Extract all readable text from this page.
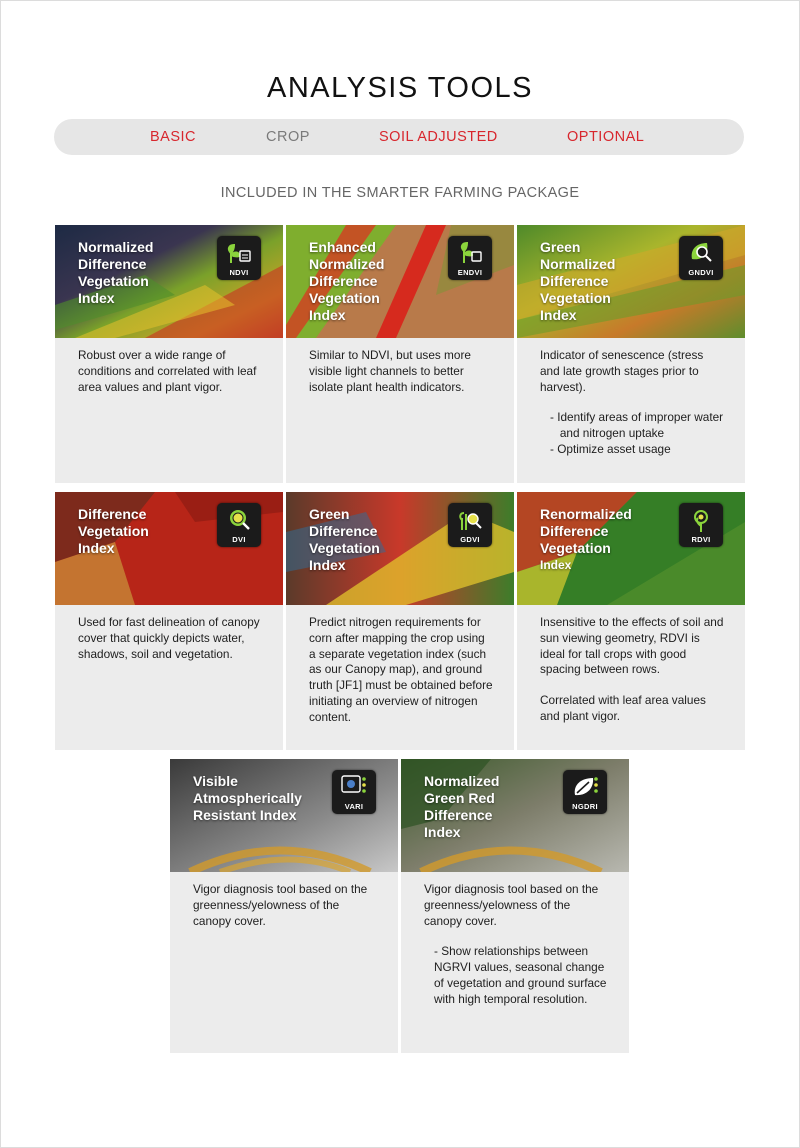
ANALYSIS TOOLS
BASIC	CROP	SOIL ADJUSTED	OPTIONAL
INCLUDED IN THE SMARTER FARMING PACKAGE
Normalized
Difference
Vegetation
Index
NDVI

Robust over a wide range of conditions and correlated with leaf area values and plant vigor.

Enhanced
Normalized
Difference
Vegetation
Index
ENDVI

Similar to NDVI, but uses more visible light channels to better isolate plant health indicators.

Green
Normalized
Difference
Vegetation
Index
GNDVI

Indicator of senescence (stress and late growth stages prior to harvest).

- Identify areas of improper water
and nitrogen uptake
- Optimize asset usage
Difference
Vegetation
Index
DVI

Used for fast delineation of canopy cover that quickly depicts water, shadows, soil and vegetation.

Green
Difference
Vegetation
Index
GDVI

Predict nitrogen requirements for corn after mapping the crop using a separate vegetation index (such as our Canopy map), and ground truth [JF1] must be obtained before initiating an overview of nitrogen content.

Renormalized
Difference
Vegetation
Index
RDVI

Insensitive to the effects of soil and sun viewing geometry, RDVI is ideal for tall crops with good spacing between rows.

Correlated with leaf area values and plant vigor.

Visible
Atmospherically
Resistant Index
VARI

Vigor diagnosis tool based on the greenness/yelowness of the canopy cover.

Normalized
Green Red
Difference
Index
NGDRI

Vigor diagnosis tool based on the greenness/yelowness of the canopy cover.

- Show relationships between NGRVI values, seasonal change of vegetation and ground surface with high temporal resolution.
